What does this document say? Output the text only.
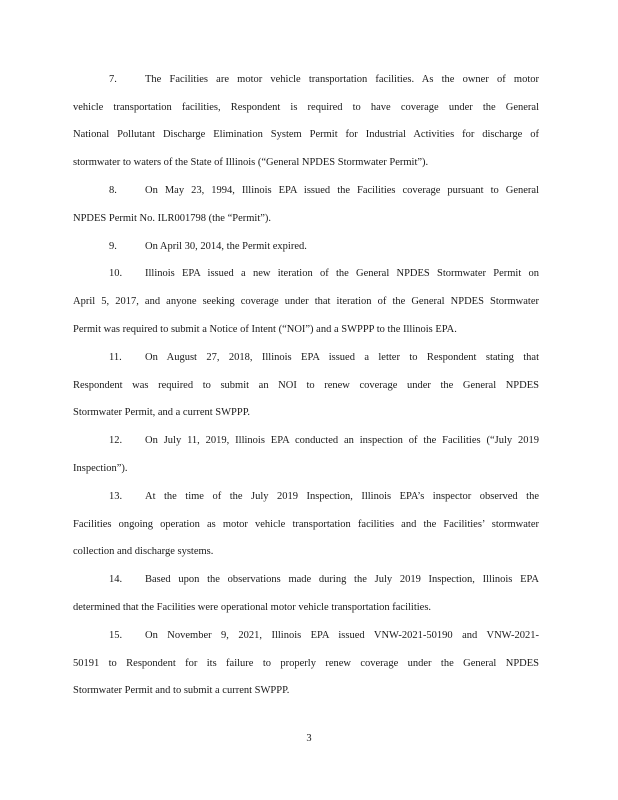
7.	The Facilities are motor vehicle transportation facilities. As the owner of motor
vehicle transportation facilities, Respondent is required to have coverage under the General
National Pollutant Discharge Elimination System Permit for Industrial Activities for discharge of
stormwater to waters of the State of Illinois (“General NPDES Stormwater Permit”).
8.	On May 23, 1994, Illinois EPA issued the Facilities coverage pursuant to General
NPDES Permit No. ILR001798 (the “Permit”).
9.	On April 30, 2014, the Permit expired.
10. Illinois EPA issued a new iteration of the General NPDES Stormwater Permit on
April 5, 2017, and anyone seeking coverage under that iteration of the General NPDES Stormwater
Permit was required to submit a Notice of Intent (“NOI”) and a SWPPP to the Illinois EPA.
11. On August 27, 2018, Illinois EPA issued a letter to Respondent stating that
Respondent was required to submit an NOI to renew coverage under the General NPDES
Stormwater Permit, and a current SWPPP.
12. On July 11, 2019, Illinois EPA conducted an inspection of the Facilities (“July 2019
Inspection”).
13. At the time of the July 2019 Inspection, Illinois EPA’s inspector observed the
Facilities ongoing operation as motor vehicle transportation facilities and the Facilities’ stormwater
collection and discharge systems.
14. Based upon the observations made during the July 2019 Inspection, Illinois EPA
determined that the Facilities were operational motor vehicle transportation facilities.
15. On November 9, 2021, Illinois EPA issued VNW-2021-50190 and VNW-2021-
50191 to Respondent for its failure to properly renew coverage under the General NPDES
Stormwater Permit and to submit a current SWPPP.
3
